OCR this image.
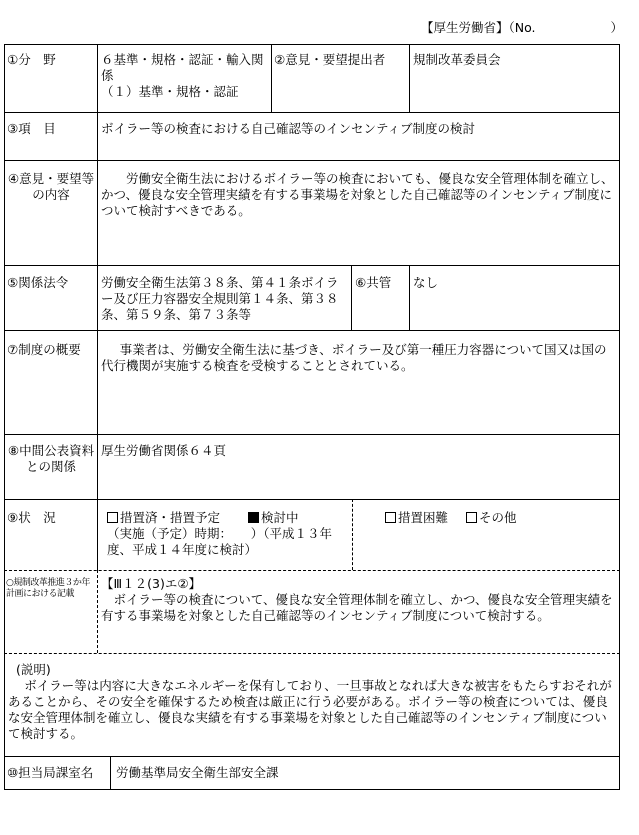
【厚生労働省】（No.　　　　　　）
①分　野	６基準・規格・認証・輸入関係
（１）基準・規格・認証
②意見・要望提出者	規制改革委員会
③項　目	ボイラー等の検査における自己確認等のインセンティブ制度の検討
④意見・要望等の内容
労働安全衛生法におけるボイラー等の検査においても、優良な安全管理体制を確立し、かつ、優良な安全管理実績を有する事業場を対象とした自己確認等のインセンティブ制度について検討すべきである。
⑤関係法令	労働安全衛生法第３８条、第４１条ボイラー及び圧力容器安全規則第１４条、第３８条、第５９条、第７３条等
⑥共管	なし
⑦制度の概要	事業者は、労働安全衛生法に基づき、ボイラー及び第一種圧力容器について国又は国の代行機関が実施する検査を受検することとされている。
⑧中間公表資料との関係
厚生労働省関係６４頁
⑨状　況	措置済・措置予定	検討中
（実施（予定）時期：　　）（平成１３年度、平成１４年度に検討）
措置困難 その他
○規制改革推進３か年計画における記載
【Ⅲ１２(3)エ②】
ボイラー等の検査について、優良な安全管理体制を確立し、かつ、優良な安全管理実績を有する事業場を対象とした自己確認等のインセンティブ制度について検討する。
(説明)
ボイラー等は内容に大きなエネルギーを保有しており、一旦事故となれば大きな被害をもたらすおそれがあることから、その安全を確保するため検査は厳正に行う必要がある。ボイラー等の検査については、優良な安全管理体制を確立し、優良な実績を有する事業場を対象とした自己確認等のインセンティブ制度について検討する。
⑩担当局課室名	労働基準局安全衛生部安全課
